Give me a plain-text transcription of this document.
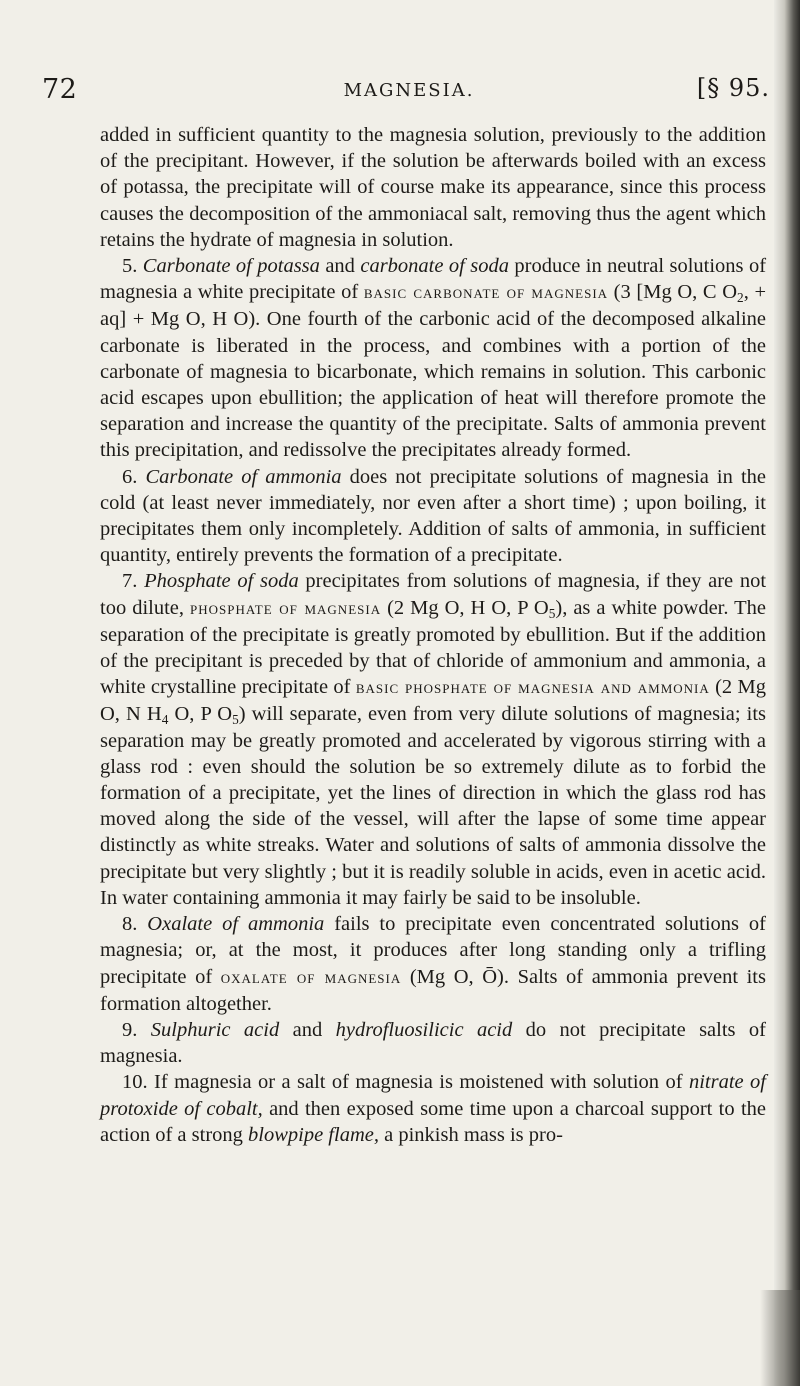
72	MAGNESIA.	[§ 95.

added in sufficient quantity to the magnesia solution, previously to the addition of the precipitant. However, if the solution be afterwards boiled with an excess of potassa, the precipitate will of course make its appearance, since this process causes the decomposition of the ammoniacal salt, removing thus the agent which retains the hydrate of magnesia in solution.

5. Carbonate of potassa and carbonate of soda produce in neutral solutions of magnesia a white precipitate of basic carbonate of magnesia (3 [Mg O, C $O_2$, + aq] + Mg O, H O). One fourth of the carbonic acid of the decomposed alkaline carbonate is liberated in the process, and combines with a portion of the carbonate of magnesia to bicarbonate, which remains in solution. This carbonic acid escapes upon ebullition; the application of heat will therefore promote the separation and increase the quantity of the precipitate. Salts of ammonia prevent this precipitation, and redissolve the precipitates already formed.

6. Carbonate of ammonia does not precipitate solutions of magnesia in the cold (at least never immediately, nor even after a short time) ; upon boiling, it precipitates them only incompletely. Addition of salts of ammonia, in sufficient quantity, entirely prevents the formation of a precipitate.

7. Phosphate of soda precipitates from solutions of magnesia, if they are not too dilute, phosphate of magnesia (2 Mg O, H O, P $O_5$), as a white powder. The separation of the precipitate is greatly promoted by ebullition. But if the addition of the precipitant is preceded by that of chloride of ammonium and ammonia, a white crystalline precipitate of basic phosphate of magnesia and ammonia (2 Mg O, N $H_4$ O, P $O_5$) will separate, even from very dilute solutions of magnesia; its separation may be greatly promoted and accelerated by vigorous stirring with a glass rod : even should the solution be so extremely dilute as to forbid the formation of a precipitate, yet the lines of direction in which the glass rod has moved along the side of the vessel, will after the lapse of some time appear distinctly as white streaks. Water and solutions of salts of ammonia dissolve the precipitate but very slightly ; but it is readily soluble in acids, even in acetic acid. In water containing ammonia it may fairly be said to be insoluble.

8. Oxalate of ammonia fails to precipitate even concentrated solutions of magnesia; or, at the most, it produces after long standing only a trifling precipitate of oxalate of magnesia (Mg O, Ō). Salts of ammonia prevent its formation altogether.

9. Sulphuric acid and hydrofluosilicic acid do not precipitate salts of magnesia.

10. If magnesia or a salt of magnesia is moistened with solution of nitrate of protoxide of cobalt, and then exposed some time upon a charcoal support to the action of a strong blowpipe flame, a pinkish mass is pro-
